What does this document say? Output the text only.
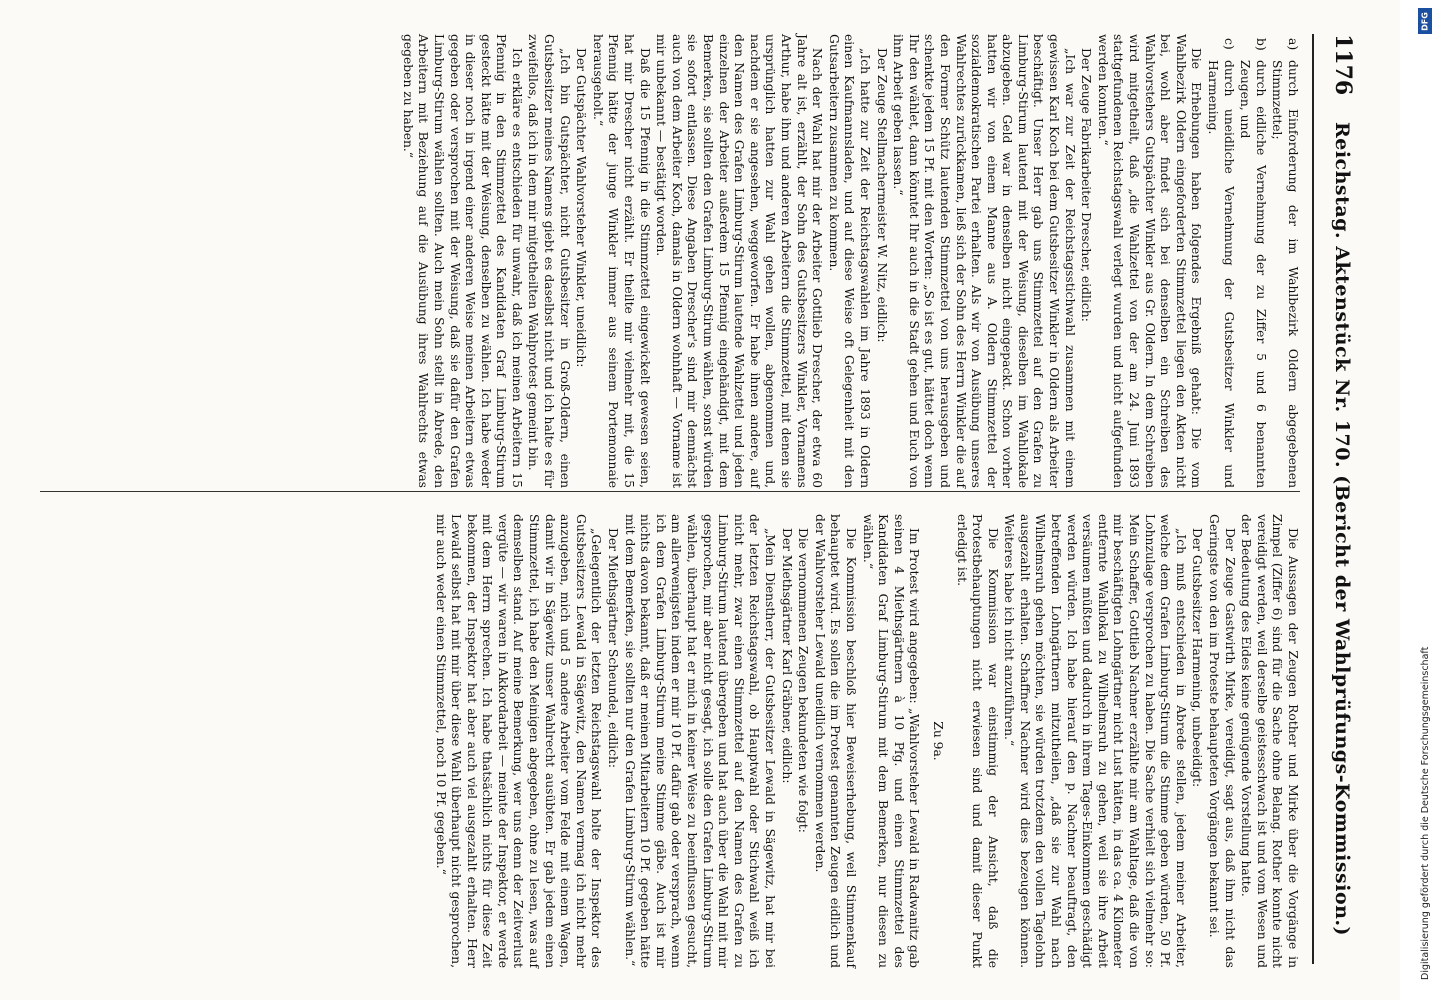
1176
Reichstag. Aktenstück Nr. 170. (Bericht der Wahlprüfungs-Kommission.)

a)
durch Einforderung der im Wahlbezirk Oldern abgegebenen Stimmzettel;

b)
durch eidliche Vernehmung der zu Ziffer 5 und 6 benannten Zeugen, und

c)
durch uneidliche Vernehmung der Gutsbesitzer Winkler und Harmening.

Die Erhebungen haben folgendes Ergebniß gehabt: Die vom Wahlbezirk Oldern eingeforderten Stimmzettel liegen den Akten nicht bei, wohl aber findet sich bei denselben ein Schreiben des Wahlvorstehers Gutspächter Winkler aus Gr. Oldern. In dem Schreiben wird mitgetheilt, daß „die Wahlzettel von der am 24. Juni 1893 stattgefundenen Reichstagswahl verlegt wurden und nicht aufgefunden werden konnten.“

Der Zeuge Fabrikarbeiter Drescher, eidlich:

„Ich war zur Zeit der Reichstagsstichwahl zusammen mit einem gewissen Karl Koch bei dem Gutsbesitzer Winkler in Oldern als Arbeiter beschäftigt. Unser Herr gab uns Stimmzettel auf den Grafen zu Limburg-Stirum lautend mit der Weisung, dieselben im Wahllokale abzugeben. Geld war in denselben nicht eingepackt. Schon vorher hatten wir von einem Manne aus A. Oldern Stimmzettel der sozialdemokratischen Partei erhalten. Als wir von Ausübung unseres Wahlrechtes zurückkamen, ließ sich der Sohn des Herrn Winkler die auf den Former Schütz lautenden Stimmzettel von uns herausgeben und schenkte jedem 15 Pf. mit den Worten: „So ist es gut, hättet doch wenn Ihr den wählet, dann könntet Ihr auch in die Stadt gehen und Euch von ihm Arbeit geben lassen.“

Der Zeuge Stellmachermeister W. Nitz, eidlich:

„Ich hatte zur Zeit der Reichstagswahlen im Jahre 1893 in Oldern einen Kaufmannsladen, und auf diese Weise oft Gelegenheit mit den Gutsarbeitern zusammen zu kommen.

Nach der Wahl hat mir der Arbeiter Gottlieb Drescher, der etwa 60 Jahre alt ist, erzählt, der Sohn des Gutsbesitzers Winkler, Vornamens Arthur, habe ihm und anderen Arbeitern die Stimmzettel, mit denen sie ursprünglich hatten zur Wahl gehen wollen, abgenommen und, nachdem er sie angesehen, weggeworfen. Er habe ihnen andere, auf den Namen des Grafen Limburg-Stirum lautende Wahlzettel und jeden einzelnen der Arbeiter außerdem 15 Pfennig eingehändigt, mit dem Bemerken, sie sollten den Grafen Limburg-Stirum wählen, sonst würden sie sofort entlassen. Diese Angaben Drescher's sind mir demnächst auch von dem Arbeiter Koch, damals in Oldern wohnhaft — Vorname ist mir unbekannt — bestätigt worden.

Daß die 15 Pfennig in die Stimmzettel eingewickelt gewesen seien, hat mir Drescher nicht erzählt. Er theilte mir vielmehr mit, die 15 Pfennig hätte der junge Winkler immer aus seinem Portemonnaie herausgeholt.“

Der Gutspächter Wahlvorsteher Winkler, uneidlich:

„Ich bin Gutspächter, nicht Gutsbesitzer in Groß-Oldern, einen Gutsbesitzer meines Namens giebt es daselbst nicht und ich halte es für zweifellos, daß ich in dem mir mitgetheilten Wahlprotest gemeint bin.

Ich erkläre es entschieden für unwahr, daß ich meinen Arbeitern 15 Pfennig in den Stimmzettel des Kandidaten Graf Limburg-Stirum gesteckt hätte mit der Weisung, denselben zu wählen. Ich habe weder in dieser noch in irgend einer anderen Weise meinen Arbeitern etwas gegeben oder versprochen mit der Weisung, daß sie dafür den Grafen Limburg-Stirum wählen sollten. Auch mein Sohn stellt in Abrede, den Arbeitern mit Beziehung auf die Ausübung ihres Wahlrechts etwas gegeben zu haben.“

Die Aussagen der Zeugen Rother und Mirke über die Vorgänge in Zimpel (Ziffer 6) sind für die Sache ohne Belang. Rother konnte nicht vereidigt werden, weil derselbe geistesschwach ist und vom Wesen und der Bedeutung des Eides keine genügende Vorstellung hatte.

Der Zeuge Gastwirth Mirke, vereidigt, sagt aus, daß ihm nicht das Geringste von den im Proteste behaupteten Vorgängen bekannt sei.

Der Gutsbesitzer Harmening, unbeeidigt:

„Ich muß entschieden in Abrede stellen, jedem meiner Arbeiter, welche dem Grafen Limburg-Stirum die Stimme geben würden, 50 Pf. Lohnzulage versprochen zu haben. Die Sache verhielt sich vielmehr so: Mein Schaffer, Gottlieb Nachner erzählte mir am Wahltage, daß die von mir beschäftigten Lohngärtner nicht Lust hätten, in das ca. 4 Kilometer entfernte Wahllokal zu Wilhelmsruh zu gehen, weil sie ihre Arbeit versäumen müßten und dadurch in ihrem Tages-Einkommen geschädigt werden würden. Ich habe hierauf den p. Nachner beauftragt, den betreffenden Lohngärtnern mitzutheilen, „daß sie zur Wahl nach Wilhelmsruh gehen möchten, sie würden trotzdem den vollen Tagelohn ausgezahlt erhalten. Schaffner Nachner wird dies bezeugen können. Weiteres habe ich nicht anzuführen.“

Die Kommission war einstimmig der Ansicht, daß die Protestbehauptungen nicht erwiesen sind und damit dieser Punkt erledigt ist.

Zu 9a.

Im Protest wird angegeben: „Wahlvorsteher Lewald in Radwanitz gab seinen 4 Miethsgärtnern à 10 Pfg. und einen Stimmzettel des Kandidaten Graf Limburg-Stirum mit dem Bemerken, nur diesen zu wählen.“

Die Kommission beschloß hier Beweiserhebung, weil Stimmenkauf behauptet wird. Es sollen die im Protest genannten Zeugen eidlich und der Wahlvorsteher Lewald uneidlich vernommen werden.

Die vernommenen Zeugen bekundeten wie folgt:

Der Miethsgärtner Karl Gräbner, eidlich:

„Mein Dienstherr, der Gutsbesitzer Lewald in Sägewitz, hat mir bei der letzten Reichstagswahl, ob Hauptwahl oder Stichwahl weiß ich nicht mehr, zwar einen Stimmzettel auf den Namen des Grafen zu Limburg-Stirum lautend übergeben und hat auch über die Wahl mit mir gesprochen, mir aber nicht gesagt, ich solle den Grafen Limburg-Stirum wählen, überhaupt hat er mich in keiner Weise zu beeinflussen gesucht, am allerwenigsten indem er mir 10 Pf. dafür gab oder versprach, wenn ich dem Grafen Limburg-Stirum meine Stimme gäbe. Auch ist mir nichts davon bekannt, daß er meinen Mitarbeitern 10 Pf. gegeben hätte mit dem Bemerken, sie sollten nur den Grafen Limburg-Stirum wählen.“

Der Miethsgärtner Scheundel, eidlich:

„Gelegentlich der letzten Reichstagswahl holte der Inspektor des Gutsbesitzers Lewald in Sägewitz, den Namen vermag ich nicht mehr anzugeben, mich und 5 andere Arbeiter vom Felde mit einem Wagen, damit wir in Sägewitz unser Wahlrecht ausübten. Er gab jedem einen Stimmzettel, ich habe den Meinigen abgegeben, ohne zu lesen, was auf demselben stand. Auf meine Bemerkung, wer uns denn der Zeitverlust vergüte — wir waren in Akkordarbeit — meinte der Inspektor, er werde mit dem Herrn sprechen. Ich habe thatsächlich nichts für diese Zeit bekommen, der Inspektor hat aber auch viel ausgezahlt erhalten. Herr Lewald selbst hat mit mir über diese Wahl überhaupt nicht gesprochen, mir auch weder einen Stimmzettel, noch 10 Pf. gegeben.“

DFG
Digitalisierung gefördert durch die Deutsche Forschungsgemeinschaft
